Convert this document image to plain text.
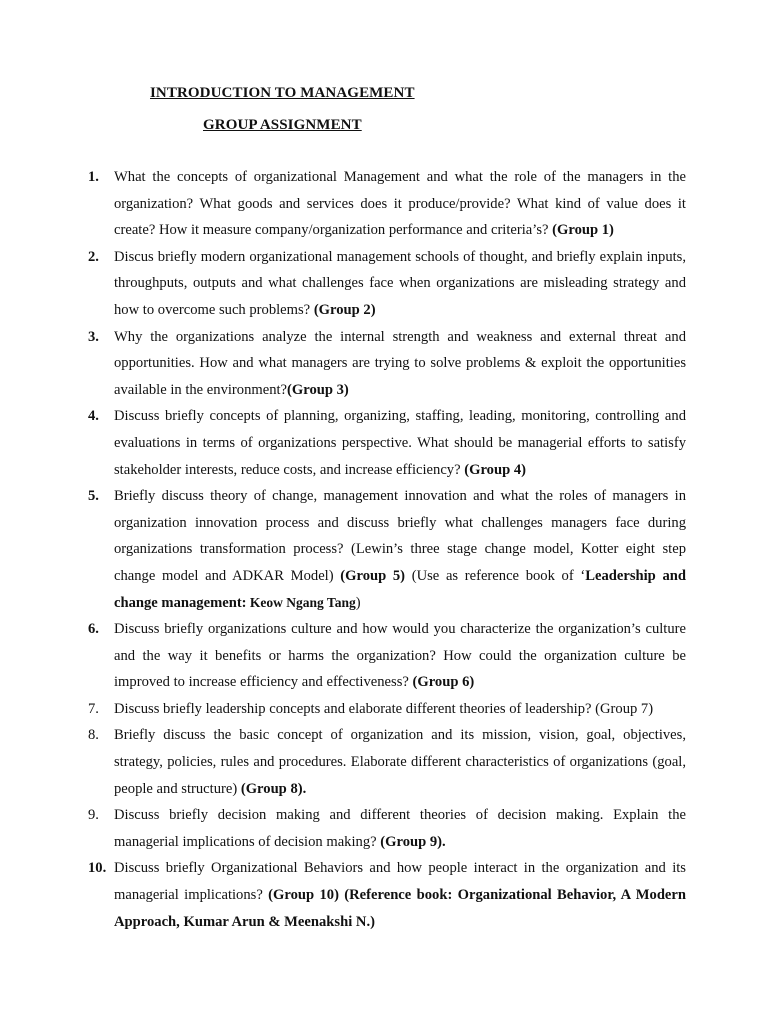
INTRODUCTION TO MANAGEMENT
GROUP ASSIGNMENT
1. What the concepts of organizational Management and what the role of the managers in the organization? What goods and services does it produce/provide? What kind of value does it create? How it measure company/organization performance and criteria’s? (Group 1)
2. Discus briefly modern organizational management schools of thought, and briefly explain inputs, throughputs, outputs and what challenges face when organizations are misleading strategy and how to overcome such problems? (Group 2)
3. Why the organizations analyze the internal strength and weakness and external threat and opportunities. How and what managers are trying to solve problems & exploit the opportunities available in the environment?(Group 3)
4. Discuss briefly concepts of planning, organizing, staffing, leading, monitoring, controlling and evaluations in terms of organizations perspective. What should be managerial efforts to satisfy stakeholder interests, reduce costs, and increase efficiency? (Group 4)
5. Briefly discuss theory of change, management innovation and what the roles of managers in organization innovation process and discuss briefly what challenges managers face during organizations transformation process? (Lewin’s three stage change model, Kotter eight step change model and ADKAR Model) (Group 5) (Use as reference book of ‘Leadership and change management: Keow Ngang Tang)
6. Discuss briefly organizations culture and how would you characterize the organization’s culture and the way it benefits or harms the organization? How could the organization culture be improved to increase efficiency and effectiveness? (Group 6)
7. Discuss briefly leadership concepts and elaborate different theories of leadership? (Group 7)
8. Briefly discuss the basic concept of organization and its mission, vision, goal, objectives, strategy, policies, rules and procedures. Elaborate different characteristics of organizations (goal, people and structure) (Group 8).
9. Discuss briefly decision making and different theories of decision making. Explain the managerial implications of decision making? (Group 9).
10. Discuss briefly Organizational Behaviors and how people interact in the organization and its managerial implications? (Group 10) (Reference book: Organizational Behavior, A Modern Approach, Kumar Arun & Meenakshi N.)
